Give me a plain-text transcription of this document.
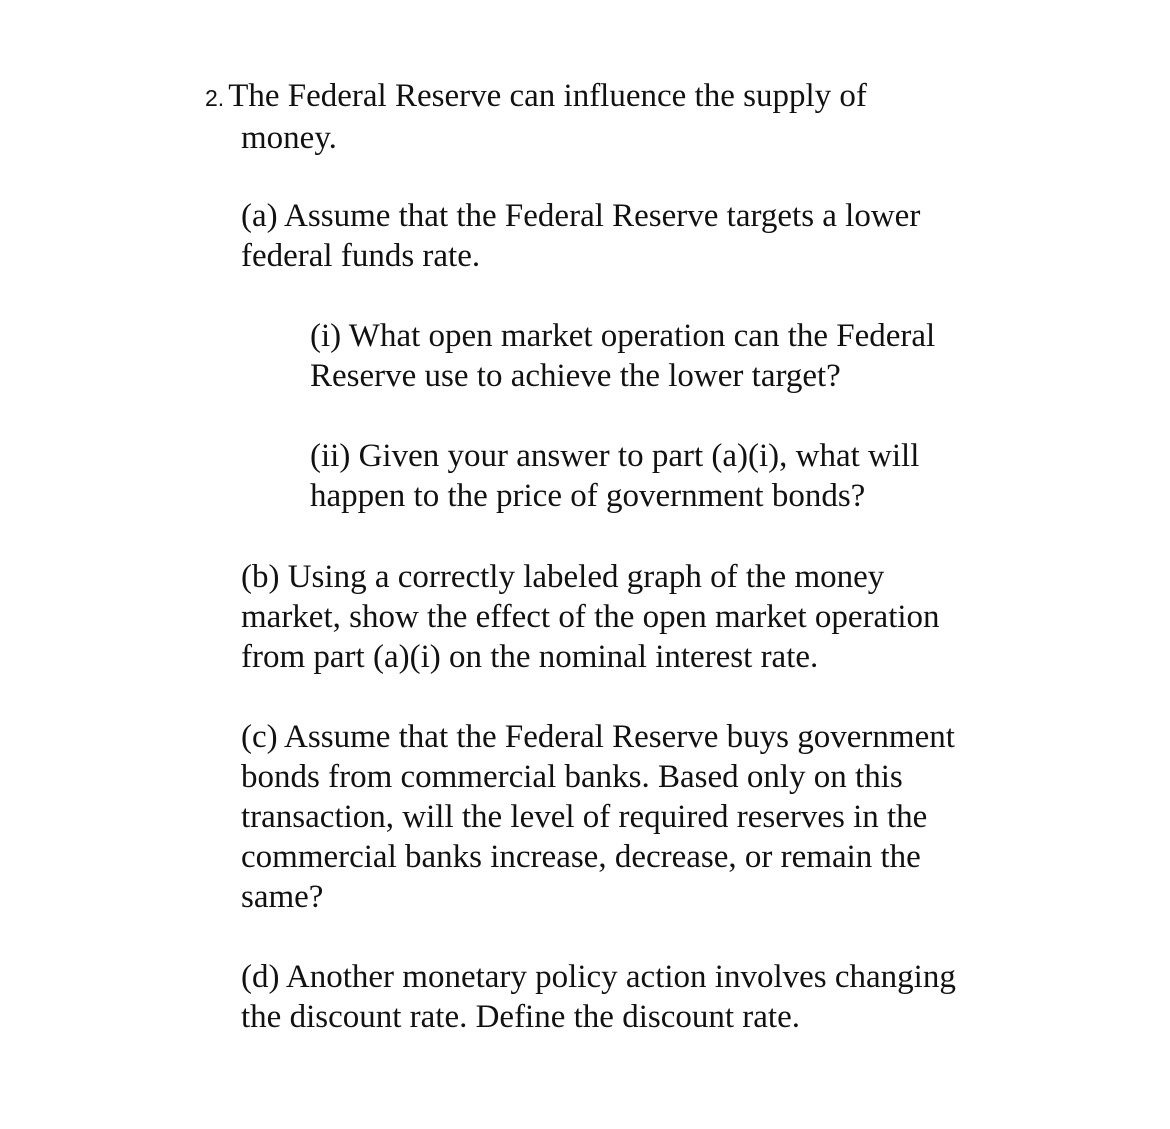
2. The Federal Reserve can influence the supply of
money.
(a) Assume that the Federal Reserve targets a lower
federal funds rate.
(i) What open market operation can the Federal
Reserve use to achieve the lower target?
(ii) Given your answer to part (a)(i), what will
happen to the price of government bonds?
(b) Using a correctly labeled graph of the money
market, show the effect of the open market operation
from part (a)(i) on the nominal interest rate.
(c) Assume that the Federal Reserve buys government
bonds from commercial banks. Based only on this
transaction, will the level of required reserves in the
commercial banks increase, decrease, or remain the
same?
(d) Another monetary policy action involves changing
the discount rate. Define the discount rate.
